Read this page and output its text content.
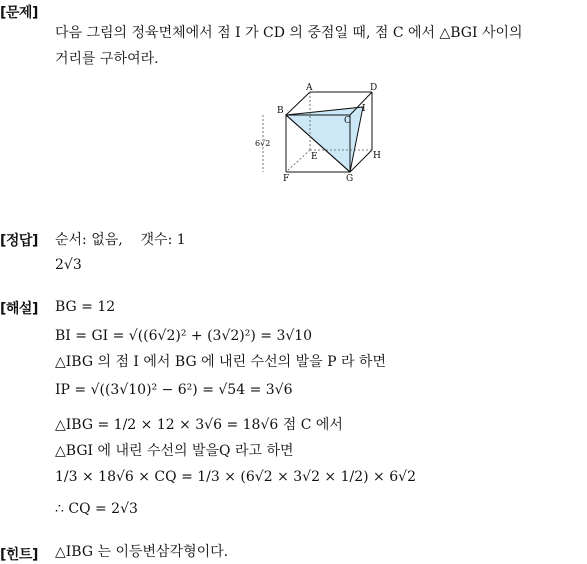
[문제]
다음 그림의 정육면체에서 점 I 가 CD 의 중점일 때, 점 C 에서 △BGI 사이의
거리를 구하여라.
A
B
C
D
E
F	G
H
I
6√2
[정답] 순서: 없음, 갯수: 1
2√3
[해설] BG = 12
BI = GI = √((6√2)² + (3√2)²) = 3√10
△IBG 의 점 I 에서 BG 에 내린 수선의 발을 P 라 하면
IP = √((3√10)² − 6²) = √54 = 3√6
△IBG = 1/2 × 12 × 3√6 = 18√6 점 C 에서
△BGI 에 내린 수선의 발을Q 라고 하면
1/3 × 18√6 × CQ = 1/3 × (6√2 × 3√2 × 1/2) × 6√2
∴ CQ = 2√3
[힌트] △IBG 는 이등변삼각형이다.
